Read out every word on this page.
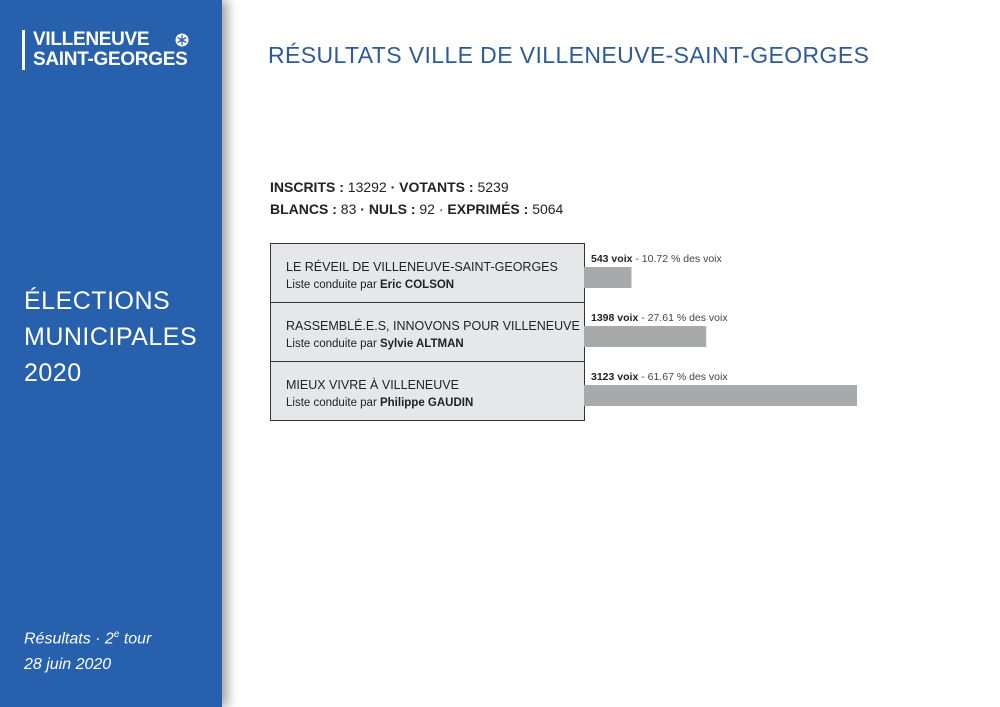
VILLENEUVE
SAINT-GEORGES
ÉLECTIONS
MUNICIPALES
2020
Résultats · $2^e$ tour
28 juin 2020
RÉSULTATS VILLE DE VILLENEUVE-SAINT-GEORGES
INSCRITS : 13292 · VOTANTS : 5239
BLANCS : 83 · NULS : 92 · EXPRIMÉS : 5064
LE RÉVEIL DE VILLENEUVE-SAINT-GEORGES
Liste conduite par Eric COLSON
543 voix - 10.72 % des voix
RASSEMBLÉ.E.S, INNOVONS POUR VILLENEUVE
Liste conduite par Sylvie ALTMAN
1398 voix - 27.61 % des voix
MIEUX VIVRE À VILLENEUVE
Liste conduite par Philippe GAUDIN
3123 voix - 61.67 % des voix
